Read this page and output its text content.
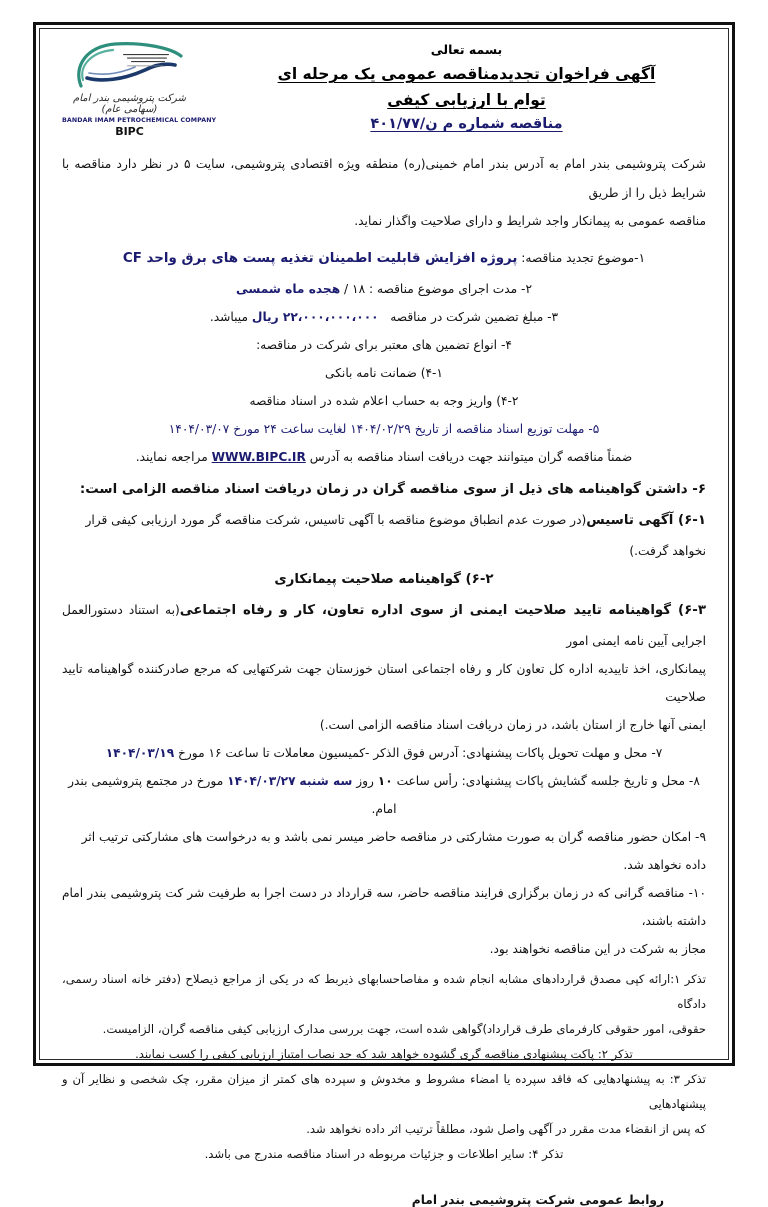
شرکت پتروشیمی بندر امام (سهامی عام)
BANDAR IMAM PETROCHEMICAL COMPANY
BIPC
بسمه تعالی
آگهی فراخوان تجدیدمناقصه عمومی یک مرحله ای
توام با ارزیابی کیفی
مناقصه شماره م ن/۴۰۱/۷۷
شرکت پتروشیمی بندر امام به آدرس بندر امام خمینی(ره) منطقه ویژه اقتصادی پتروشیمی، سایت ۵ در نظر دارد مناقصه با شرایط ذیل را از طریق
مناقصه عمومی به پیمانکار واجد شرایط و دارای صلاحیت واگذار نماید.
۱-موضوع تجدید مناقصه: پروژه افزایش قابلیت اطمینان تغذیه پست های برق واحد CF
۲- مدت اجرای موضوع مناقصه : ۱۸ / هجده ماه شمسی
۳- مبلغ تضمین شرکت در مناقصه   ۲۲،۰۰۰،۰۰۰،۰۰۰ ریال میباشد.
۴- انواع تضمین های معتبر برای شرکت در مناقصه:
۴-۱) ضمانت نامه بانکی
۴-۲) واریز وجه به حساب اعلام شده در اسناد مناقصه
۵- مهلت توزیع اسناد مناقصه از تاریخ ۱۴۰۴/۰۲/۲۹ لغایت ساعت ۲۴ مورخ ۱۴۰۴/۰۳/۰۷
ضمناً مناقصه گران میتوانند جهت دریافت اسناد مناقصه به آدرس WWW.BIPC.IR مراجعه نمایند.
۶- داشتن گواهینامه های ذیل از سوی مناقصه گران در زمان دریافت اسناد مناقصه الزامی است:
۶-۱) آگهی تاسیس(در صورت عدم انطباق موضوع مناقصه با آگهی تاسیس، شرکت مناقصه گر مورد ارزیابی کیفی قرار نخواهد گرفت.)
۶-۲) گواهینامه صلاحیت پیمانکاری
۶-۳) گواهینامه تایید صلاحیت ایمنی از سوی اداره تعاون، کار و رفاه اجتماعی(به استناد دستورالعمل اجرایی آیین نامه ایمنی امور
پیمانکاری، اخذ تاییدیه اداره کل تعاون کار و رفاه اجتماعی استان خوزستان جهت شرکتهایی که مرجع صادرکننده گواهینامه تایید صلاحیت
ایمنی آنها خارج از استان باشد، در زمان دریافت اسناد مناقصه الزامی است.)
۷- محل و مهلت تحویل پاکات پیشنهادی: آدرس فوق الذکر -کمیسیون معاملات تا ساعت ۱۶ مورخ ۱۴۰۴/۰۳/۱۹
۸- محل و تاریخ جلسه گشایش پاکات پیشنهادی: رأس ساعت ۱۰ روز سه شنبه ۱۴۰۴/۰۳/۲۷ مورخ در مجتمع پتروشیمی بندر امام.
۹- امکان حضور مناقصه گران به صورت مشارکتی در مناقصه حاضر میسر نمی باشد و به درخواست های مشارکتی ترتیب اثر داده نخواهد شد.
۱۰- مناقصه گرانی که در زمان برگزاری فرایند مناقصه حاضر، سه قرارداد در دست اجرا به طرفیت شر کت پتروشیمی بندر امام داشته باشند،
مجاز به شرکت در این مناقصه نخواهند بود.
تذکر ۱:ارائه کپی مصدق قراردادهای مشابه انجام شده و مفاصاحسابهای ذیربط که در یکی از مراجع ذیصلاح (دفتر خانه اسناد رسمی، دادگاه
حقوقی، امور حقوقی کارفرمای طرف قرارداد)گواهی شده است، جهت بررسی مدارک ارزیابی کیفی مناقصه گران، الزامیست.
تذکر ۲: پاکت پیشنهادی مناقصه گری گشوده خواهد شد که حد نصاب امتیاز ارزیابی کیفی را کسب نمایند.
تذکر ۳: به پیشنهادهایی که فاقد سپرده یا امضاء مشروط و مخدوش و سپرده های کمتر از میزان مقرر، چک شخصی و نظایر آن و پیشنهادهایی
که پس از انقضاء مدت مقرر در آگهی واصل شود، مطلقاً ترتیب اثر داده نخواهد شد.
تذکر ۴: سایر اطلاعات و جزئیات مربوطه در اسناد مناقصه مندرج می باشد.
روابط عمومی شرکت پتروشیمی بندر امام
